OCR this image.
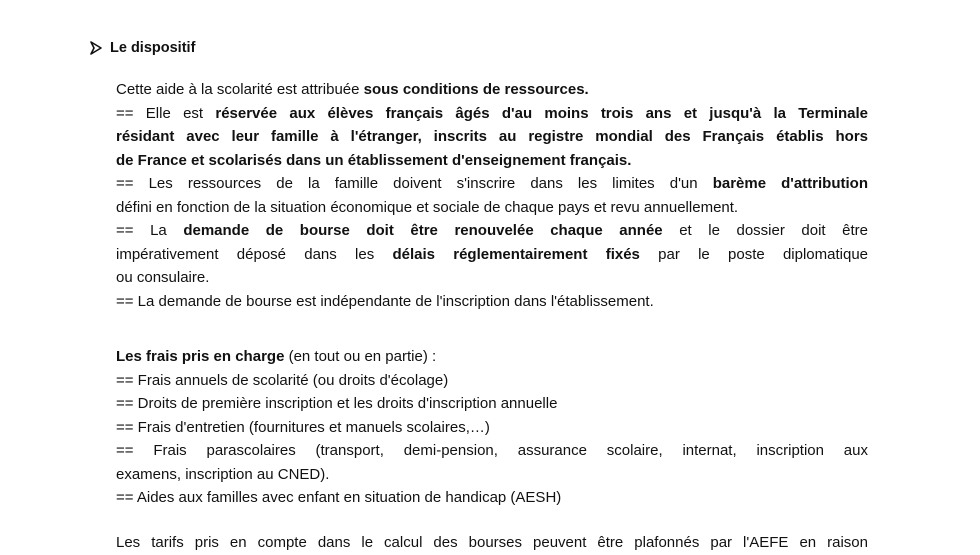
Le dispositif
Cette aide à la scolarité est attribuée sous conditions de ressources.
== Elle est réservée aux élèves français âgés d'au moins trois ans et jusqu'à la Terminale
résidant avec leur famille à l'étranger, inscrits au registre mondial des Français établis hors
de France et scolarisés dans un établissement d'enseignement français.
== Les ressources de la famille doivent s'inscrire dans les limites d'un barème d'attribution
défini en fonction de la situation économique et sociale de chaque pays et revu annuellement.
== La demande de bourse doit être renouvelée chaque année et le dossier doit être
impérativement déposé dans les délais réglementairement fixés par le poste diplomatique
ou consulaire.
== La demande de bourse est indépendante de l'inscription dans l'établissement.
Les frais pris en charge (en tout ou en partie) :
== Frais annuels de scolarité (ou droits d'écolage)
== Droits de première inscription et les droits d'inscription annuelle
== Frais d'entretien (fournitures et manuels scolaires,…)
== Frais parascolaires (transport, demi-pension, assurance scolaire, internat, inscription aux
examens, inscription au CNED).
== Aides aux familles avec enfant en situation de handicap (AESH)
Les tarifs pris en compte dans le calcul des bourses peuvent être plafonnés par l'AEFE en raison
